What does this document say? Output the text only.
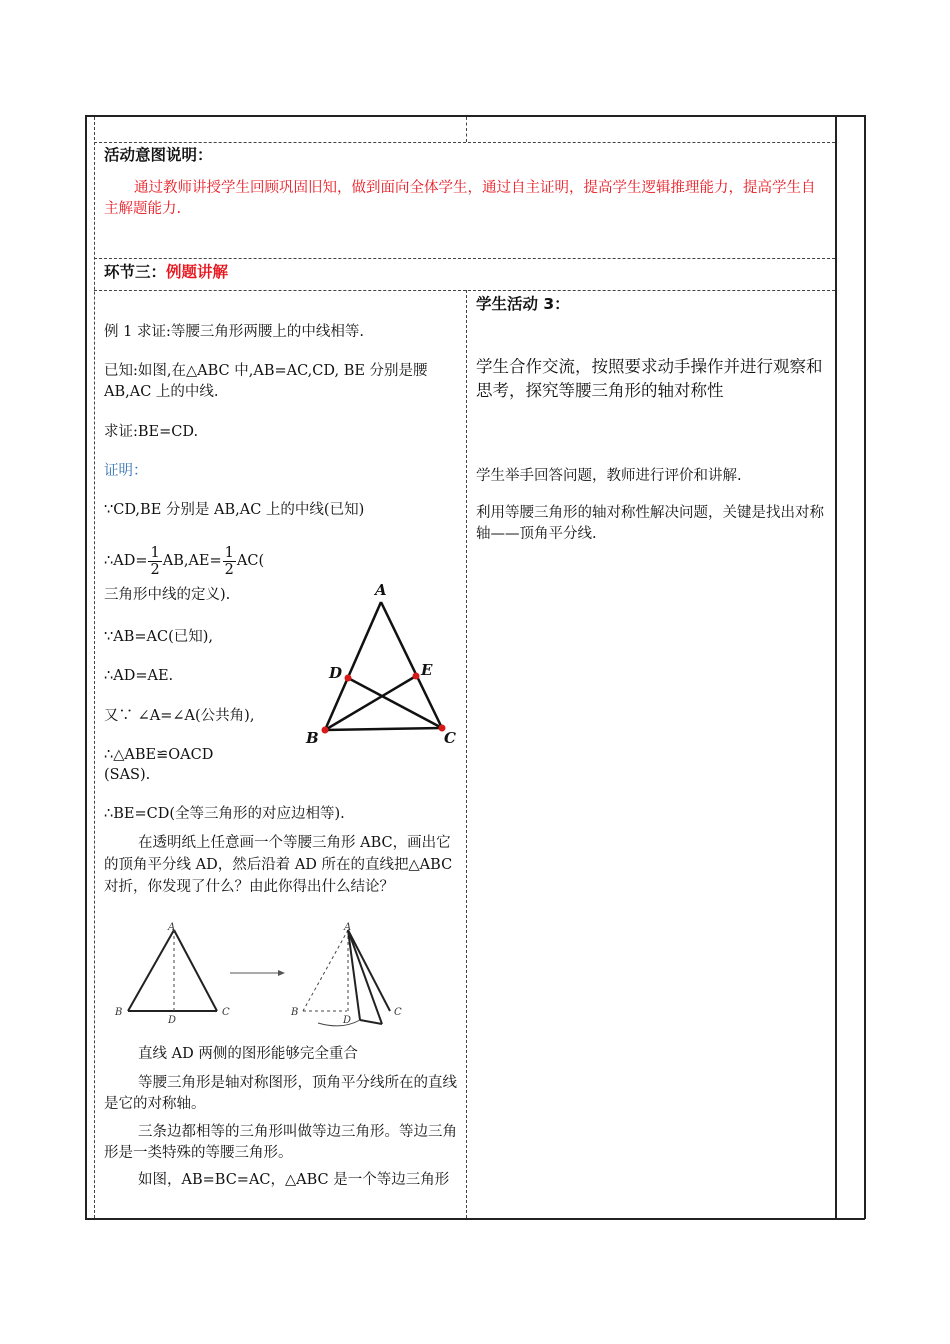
活动意图说明：
通过教师讲授学生回顾巩固旧知，做到面向全体学生，通过自主证明，提高学生逻辑推理能力，提高学生自主解题能力.
环节三：例题讲解
例 1 求证:等腰三角形两腰上的中线相等.
已知:如图,在△ABC 中,AB=AC,CD, BE 分别是腰
AB,AC 上的中线.
求证:BE=CD.
证明：
∵CD,BE 分别是 AB,AC 上的中线(已知)
∴AD= $\frac{1}{2} AB,AE= \frac{1}{2} AC$(
三角形中线的定义).
∵AB=AC(已知),
∴AD=AE.
又∵ ∠A=∠A(公共角),
∴△ABE≌OACD
(SAS).
∴BE=CD(全等三角形的对应边相等).
A
D	E
B	C
在透明纸上任意画一个等腰三角形 ABC，画出它的顶角平分线 AD，然后沿着 AD 所在的直线把△ABC 对折，你发现了什么？由此你得出什么结论？
A
B	C
D
A
B	C
D
直线 AD 两侧的图形能够完全重合
等腰三角形是轴对称图形，顶角平分线所在的直线是它的对称轴。
三条边都相等的三角形叫做等边三角形。等边三角形是一类特殊的等腰三角形。
如图，AB=BC=AC，△ABC 是一个等边三角形
学生活动 3：
学生合作交流，按照要求动手操作并进行观察和思考，探究等腰三角形的轴对称性
学生举手回答问题，教师进行评价和讲解.
利用等腰三角形的轴对称性解决问题，关键是找出对称轴——顶角平分线.
